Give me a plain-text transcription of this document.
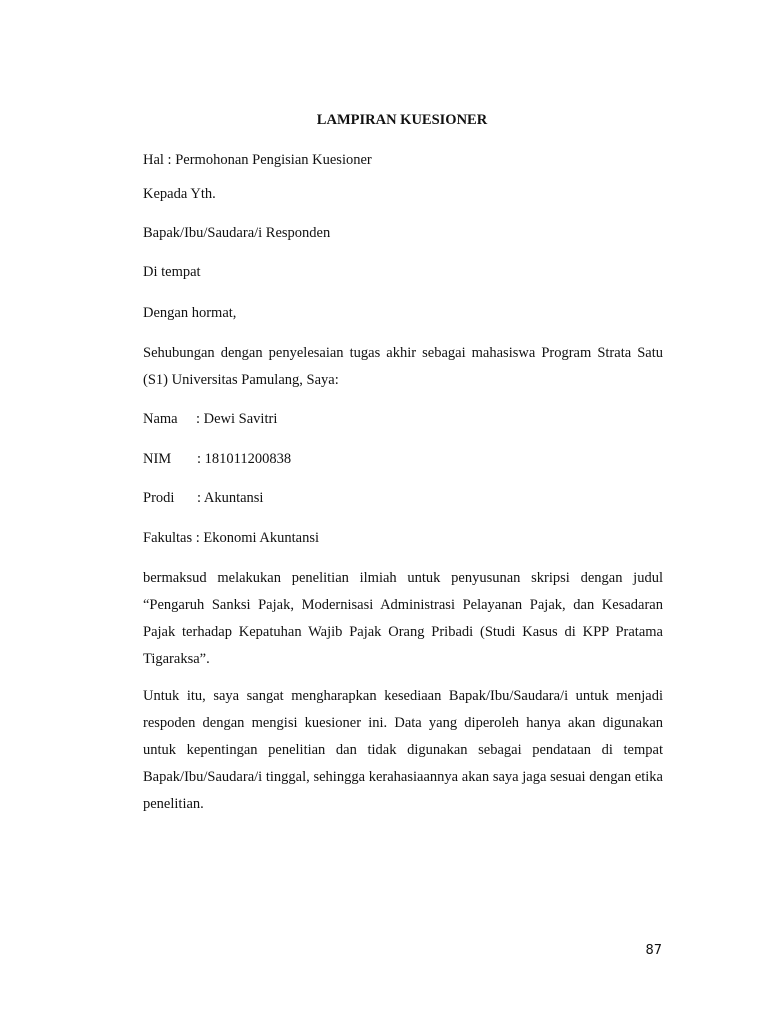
LAMPIRAN KUESIONER
Hal : Permohonan Pengisian Kuesioner
Kepada Yth.
Bapak/Ibu/Saudara/i Responden
Di tempat
Dengan hormat,
Sehubungan dengan penyelesaian tugas akhir sebagai mahasiswa Program Strata Satu (S1) Universitas Pamulang, Saya:
Nama : Dewi Savitri
NIM : 181011200838
Prodi : Akuntansi
Fakultas : Ekonomi Akuntansi
bermaksud melakukan penelitian ilmiah untuk penyusunan skripsi dengan judul “Pengaruh Sanksi Pajak, Modernisasi Administrasi Pelayanan Pajak, dan Kesadaran Pajak terhadap Kepatuhan Wajib Pajak Orang Pribadi (Studi Kasus di KPP Pratama Tigaraksa”.
Untuk itu, saya sangat mengharapkan kesediaan Bapak/Ibu/Saudara/i untuk menjadi respoden dengan mengisi kuesioner ini. Data yang diperoleh hanya akan digunakan untuk kepentingan penelitian dan tidak digunakan sebagai pendataan di tempat Bapak/Ibu/Saudara/i tinggal, sehingga kerahasiaannya akan saya jaga sesuai dengan etika penelitian.
87
